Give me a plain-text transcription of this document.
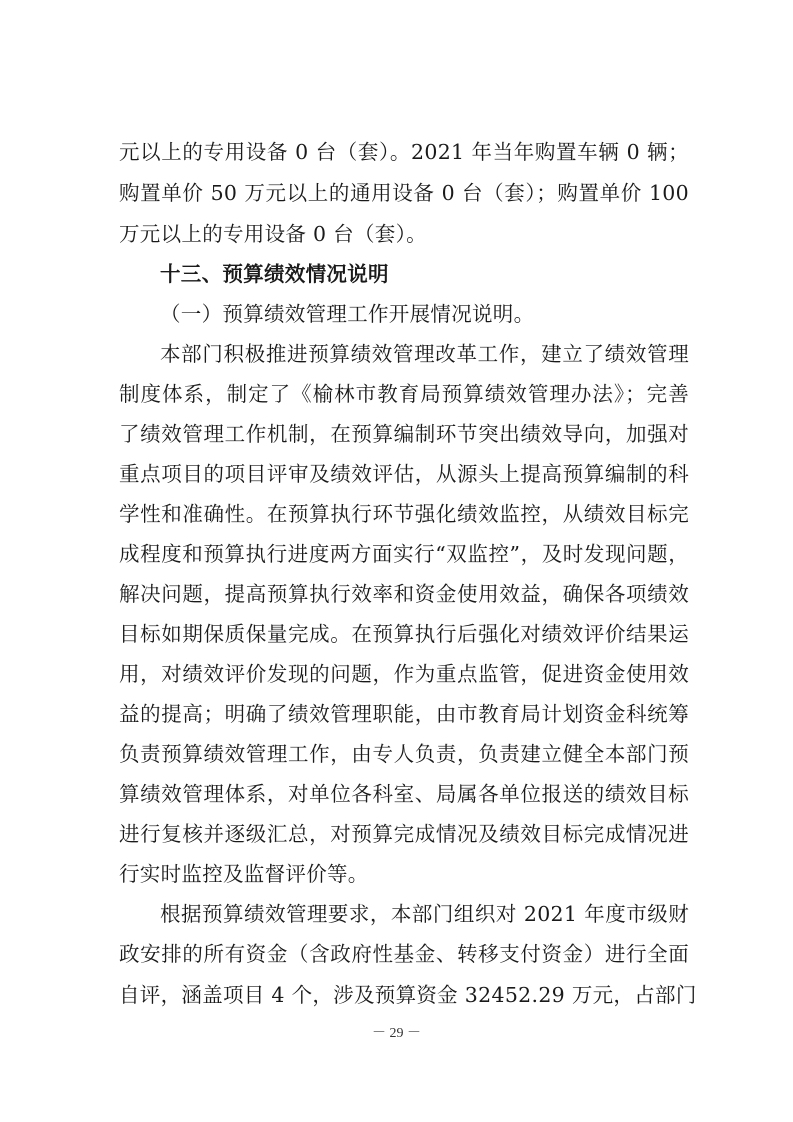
元以上的专用设备 0 台（套）。2021 年当年购置车辆 0 辆；
购置单价 50 万元以上的通用设备 0 台（套）；购置单价 100
万元以上的专用设备 0 台（套）。
十三、预算绩效情况说明
（一）预算绩效管理工作开展情况说明。
本部门积极推进预算绩效管理改革工作，建立了绩效管理
制度体系，制定了《榆林市教育局预算绩效管理办法》；完善
了绩效管理工作机制，在预算编制环节突出绩效导向，加强对
重点项目的项目评审及绩效评估，从源头上提高预算编制的科
学性和准确性。在预算执行环节强化绩效监控，从绩效目标完
成程度和预算执行进度两方面实行“双监控”，及时发现问题，
解决问题，提高预算执行效率和资金使用效益，确保各项绩效
目标如期保质保量完成。在预算执行后强化对绩效评价结果运
用，对绩效评价发现的问题，作为重点监管，促进资金使用效
益的提高；明确了绩效管理职能，由市教育局计划资金科统筹
负责预算绩效管理工作，由专人负责，负责建立健全本部门预
算绩效管理体系，对单位各科室、局属各单位报送的绩效目标
进行复核并逐级汇总，对预算完成情况及绩效目标完成情况进
行实时监控及监督评价等。
根据预算绩效管理要求，本部门组织对 2021 年度市级财
政安排的所有资金（含政府性基金、转移支付资金）进行全面
自评，涵盖项目 4 个，涉及预算资金 32452.29 万元，占部门
－ 29 －
